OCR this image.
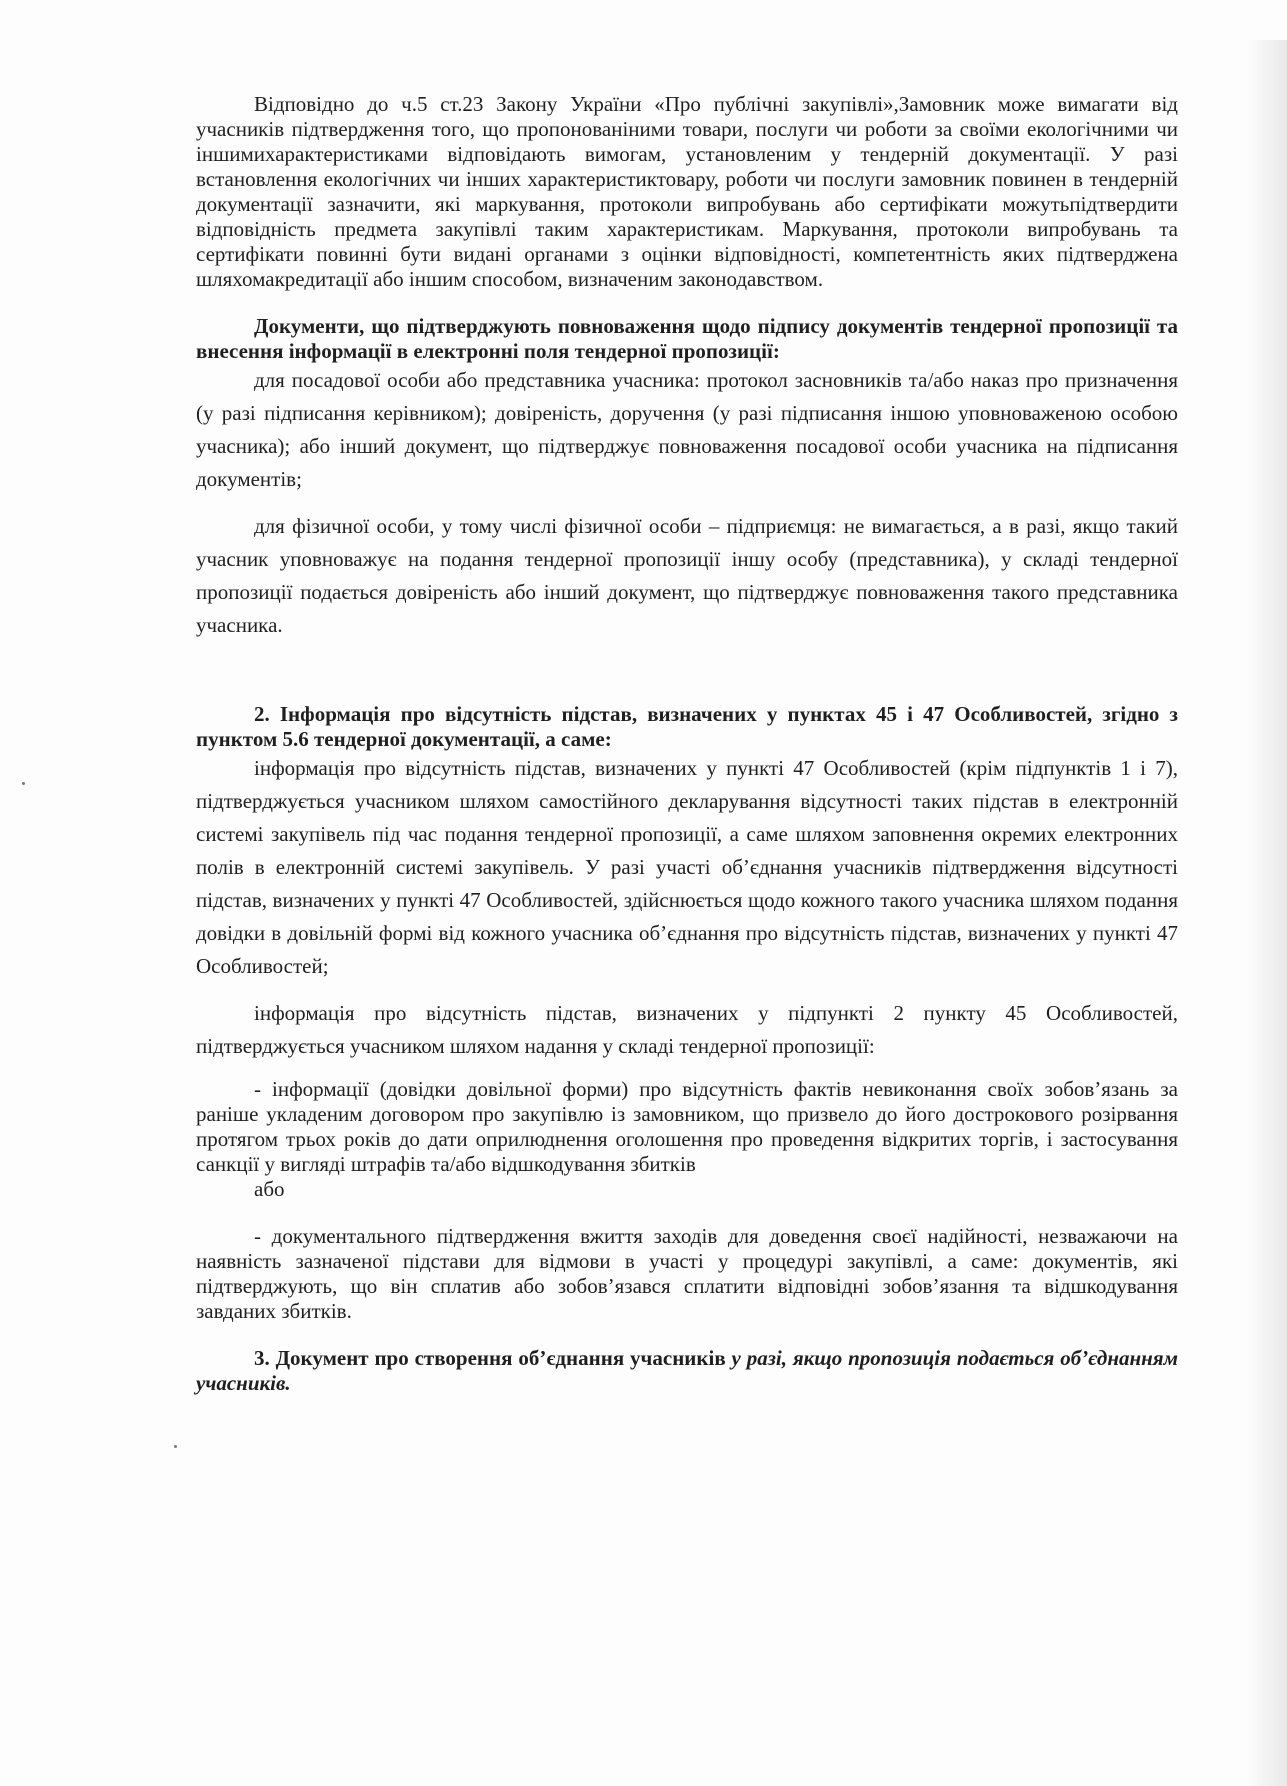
Відповідно до ч.5 ст.23 Закону України «Про публічні закупівлі»,Замовник може вимагати від учасників підтвердження того, що пропонованіними товари, послуги чи роботи за своїми екологічними чи іншимихарактеристиками відповідають вимогам, установленим у тендерній документації. У разі встановлення екологічних чи інших характеристиктовару, роботи чи послуги замовник повинен в тендерній документації зазначити, які маркування, протоколи випробувань або сертифікати можутьпідтвердити відповідність предмета закупівлі таким характеристикам. Маркування, протоколи випробувань та сертифікати повинні бути видані органами з оцінки відповідності, компетентність яких підтверджена шляхомакредитації або іншим способом, визначеним законодавством.

Документи, що підтверджують повноваження щодо підпису документів тендерної пропозиції та внесення інформації в електронні поля тендерної пропозиції:

для посадової особи або представника учасника: протокол засновників та/або наказ про призначення (у разі підписання керівником); довіреність, доручення (у разі підписання іншою уповноваженою особою учасника); або інший документ, що підтверджує повноваження посадової особи учасника на підписання документів;

для фізичної особи, у тому числі фізичної особи – підприємця: не вимагається, а в разі, якщо такий учасник уповноважує на подання тендерної пропозиції іншу особу (представника), у складі тендерної пропозиції подається довіреність або інший документ, що підтверджує повноваження такого представника учасника.

2. Інформація про відсутність підстав, визначених у пунктах 45 і 47 Особливостей, згідно з пунктом 5.6 тендерної документації, а саме:

інформація про відсутність підстав, визначених у пункті 47 Особливостей (крім підпунктів 1 і 7), підтверджується учасником шляхом самостійного декларування відсутності таких підстав в електронній системі закупівель під час подання тендерної пропозиції, а саме шляхом заповнення окремих електронних полів в електронній системі закупівель. У разі участі об’єднання учасників підтвердження відсутності підстав, визначених у пункті 47 Особливостей, здійснюється щодо кожного такого учасника шляхом подання довідки в довільній формі від кожного учасника об’єднання про відсутність підстав, визначених у пункті 47 Особливостей;

інформація про відсутність підстав, визначених у підпункті 2 пункту 45 Особливостей, підтверджується учасником шляхом надання у складі тендерної пропозиції:

- інформації (довідки довільної форми) про відсутність фактів невиконання своїх зобов’язань за раніше укладеним договором про закупівлю із замовником, що призвело до його дострокового розірвання протягом трьох років до дати оприлюднення оголошення про проведення відкритих торгів, і застосування санкції у вигляді штрафів та/або відшкодування збитків

або

- документального підтвердження вжиття заходів для доведення своєї надійності, незважаючи на наявність зазначеної підстави для відмови в участі у процедурі закупівлі, а саме: документів, які підтверджують, що він сплатив або зобов’язався сплатити відповідні зобов’язання та відшкодування завданих збитків.

3. Документ про створення об’єднання учасників у разі, якщо пропозиція подається об’єднанням учасників.
